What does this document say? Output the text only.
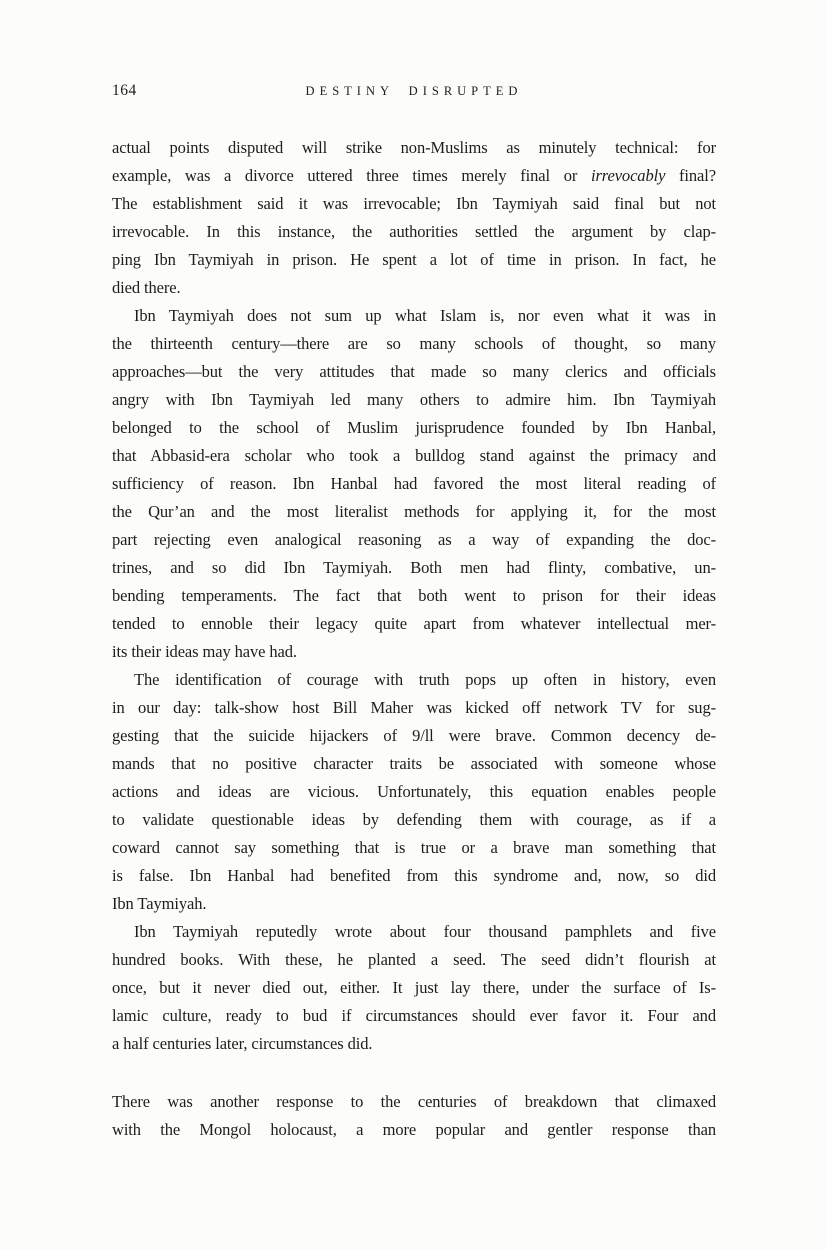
164	DESTINY DISRUPTED
actual points disputed will strike non-Muslims as minutely technical: for
example, was a divorce uttered three times merely final or irrevocably final?
The establishment said it was irrevocable; Ibn Taymiyah said final but not
irrevocable. In this instance, the authorities settled the argument by clap-
ping Ibn Taymiyah in prison. He spent a lot of time in prison. In fact, he
died there.
Ibn Taymiyah does not sum up what Islam is, nor even what it was in
the thirteenth century—there are so many schools of thought, so many
approaches—but the very attitudes that made so many clerics and officials
angry with Ibn Taymiyah led many others to admire him. Ibn Taymiyah
belonged to the school of Muslim jurisprudence founded by Ibn Hanbal,
that Abbasid-era scholar who took a bulldog stand against the primacy and
sufficiency of reason. Ibn Hanbal had favored the most literal reading of
the Qur’an and the most literalist methods for applying it, for the most
part rejecting even analogical reasoning as a way of expanding the doc-
trines, and so did Ibn Taymiyah. Both men had flinty, combative, un-
bending temperaments. The fact that both went to prison for their ideas
tended to ennoble their legacy quite apart from whatever intellectual mer-
its their ideas may have had.
The identification of courage with truth pops up often in history, even
in our day: talk-show host Bill Maher was kicked off network TV for sug-
gesting that the suicide hijackers of 9/ll were brave. Common decency de-
mands that no positive character traits be associated with someone whose
actions and ideas are vicious. Unfortunately, this equation enables people
to validate questionable ideas by defending them with courage, as if a
coward cannot say something that is true or a brave man something that
is false. Ibn Hanbal had benefited from this syndrome and, now, so did
Ibn Taymiyah.
Ibn Taymiyah reputedly wrote about four thousand pamphlets and five
hundred books. With these, he planted a seed. The seed didn’t flourish at
once, but it never died out, either. It just lay there, under the surface of Is-
lamic culture, ready to bud if circumstances should ever favor it. Four and
a half centuries later, circumstances did.
There was another response to the centuries of breakdown that climaxed
with the Mongol holocaust, a more popular and gentler response than
